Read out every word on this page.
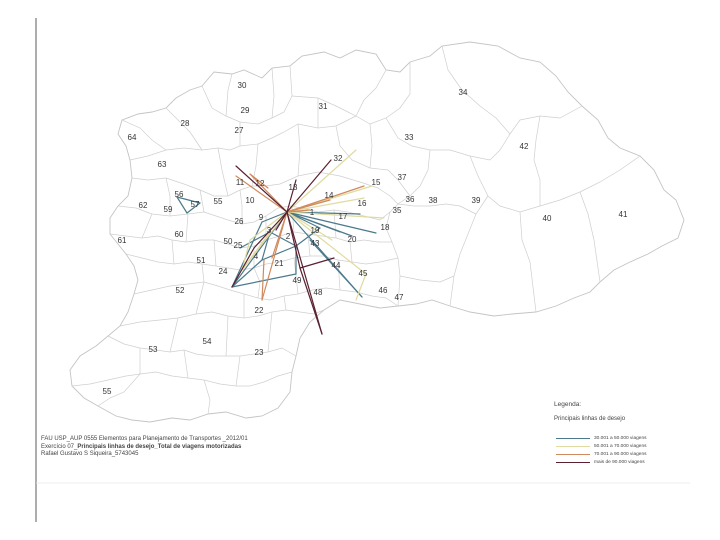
30
34
31
29
28
27
64	33
42
32
63
37
15
11 12	13
14
56
55	36 38	39
62 59
57	10	16
35	41
40
17
9
26
3	18
19
2
1
61
60
50 25	43	20
4
51	21	44
24	45
49
52	48	46
47
22
54
53	23
55
FAU USP_AUP 0555 Elementos para Planejamento de Transportes _2012/01
Exercício 07_Principais linhas de desejo_Total de viagens motorizadas
Rafael Gustavo S Siqueira_5743045
Legenda:
Principais linhas de desejo
30.001 a 50.000 viagens
50.001 a 70.000 viagens
70.001 a 90.000 viagens
mais de 90.000 viagens
